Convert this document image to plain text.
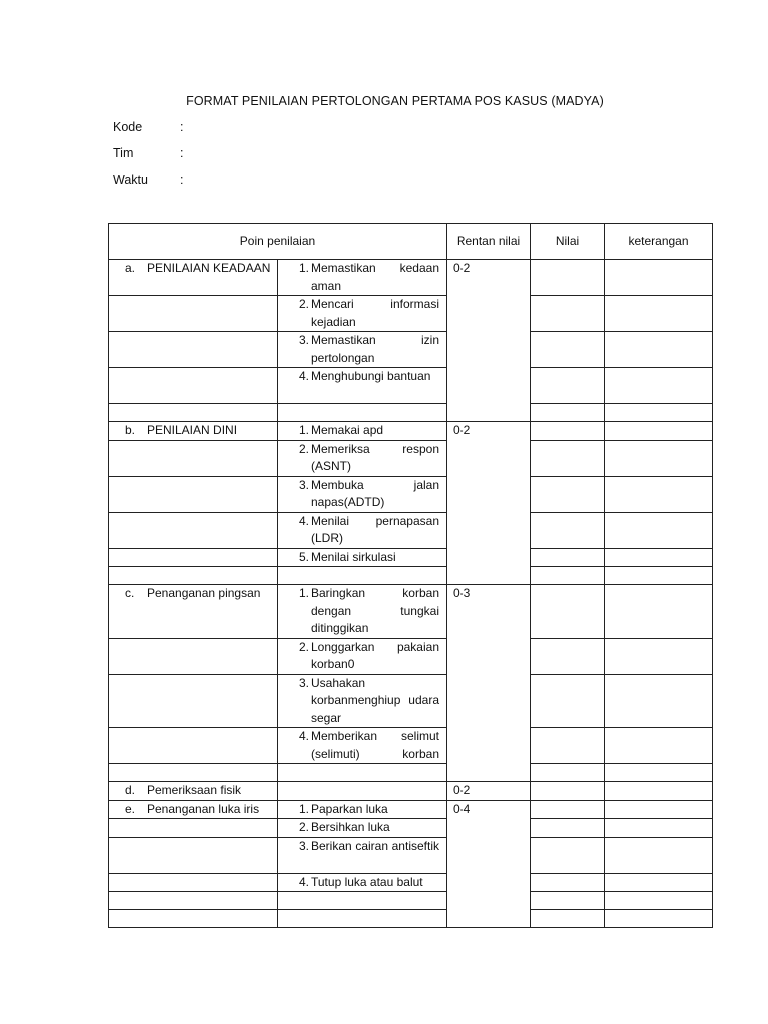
FORMAT PENILAIAN PERTOLONGAN PERTAMA POS KASUS (MADYA)
Kode	:
Tim	:
Waktu	:
Poin penilaian		Rentan nilai	Nilai	keterangan
a. PENILAIAN KEADAAN	1. Memastikan kedaan aman	0-2		

	2. Mencari informasi kejadian			

	3. Memastikan izin pertolongan			

	4. Menghubungi bantuan			

b. PENILAIAN DINI	1. Memakai apd	0-2		

	2. Memeriksa respon (ASNT)			

	3. Membuka jalan napas(ADTD)			

	4. Menilai pernapasan (LDR)			

	5. Menilai sirkulasi			

c. Penanganan pingsan	1. Baringkan korban dengan tungkai ditinggikan	0-3		

	2. Longgarkan pakaian korban0			

	3. Usahakan korbanmenghiup udara segar			

	4. Memberikan selimut (selimuti) korban			

d. Pemeriksaan fisik		0-2		
e. Penanganan luka iris	1. Paparkan luka	0-4		

	2. Bersihkan luka			

	3. Berikan cairan antiseftik			

	4. Tutup luka atau balut			
